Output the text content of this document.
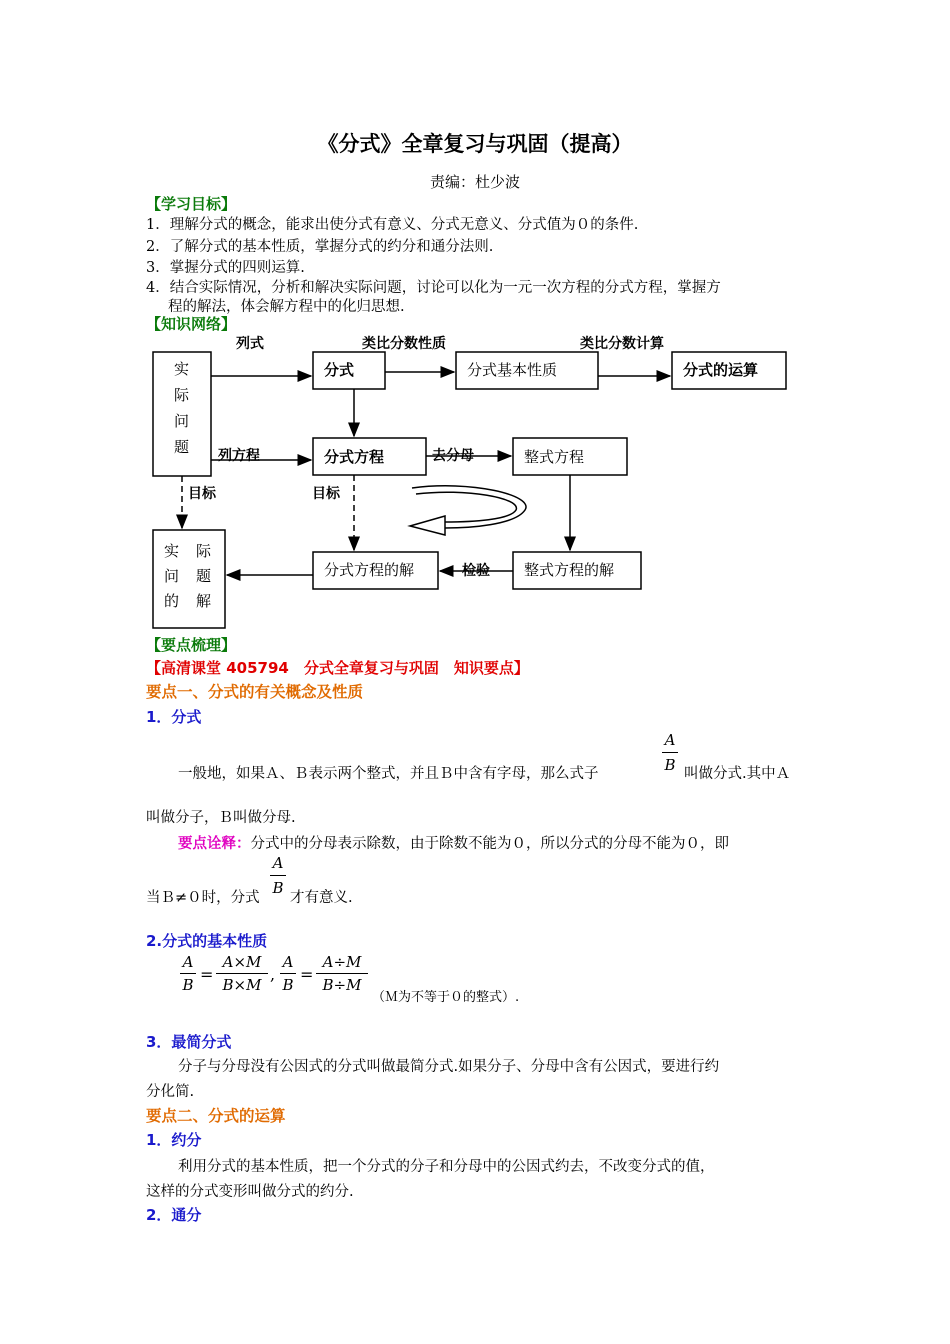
《分式》全章复习与巩固（提高）
责编：杜少波
【学习目标】
1．理解分式的概念，能求出使分式有意义、分式无意义、分式值为０的条件.
2．了解分式的基本性质，掌握分式的约分和通分法则.
3．掌握分式的四则运算.
4．结合实际情况，分析和解决实际问题，讨论可以化为一元一次方程的分式方程，掌握方
程的解法，体会解方程中的化归思想.
【知识网络】
实
际
问
题
分式	分式基本性质	分式的运算
分式方程	整式方程
实 际
问 题
的 解
分式方程的解	整式方程的解
列式	类比分数性质	类比分数计算
列方程	去分母
目标	目标
检验
【要点梳理】
【高清课堂 405794　分式全章复习与巩固　知识要点】
要点一、分式的有关概念及性质
1．分式
一般地，如果Ａ、Ｂ表示两个整式，并且Ｂ中含有字母，那么式子
A
B 叫做分式.其中Ａ
叫做分子，Ｂ叫做分母.
要点诠释：分式中的分母表示除数，由于除数不能为０，所以分式的分母不能为０，即
当Ｂ≠０时，分式
A
B
才有意义.
2.分式的基本性质
A
B
=
A×M
B×M
,
A
B
=
A÷M
B÷M
（Ｍ为不等于０的整式）.
3．最简分式
分子与分母没有公因式的分式叫做最简分式.如果分子、分母中含有公因式，要进行约
分化简.
要点二、分式的运算
1．约分
利用分式的基本性质，把一个分式的分子和分母中的公因式约去，不改变分式的值，
这样的分式变形叫做分式的约分.
2．通分
